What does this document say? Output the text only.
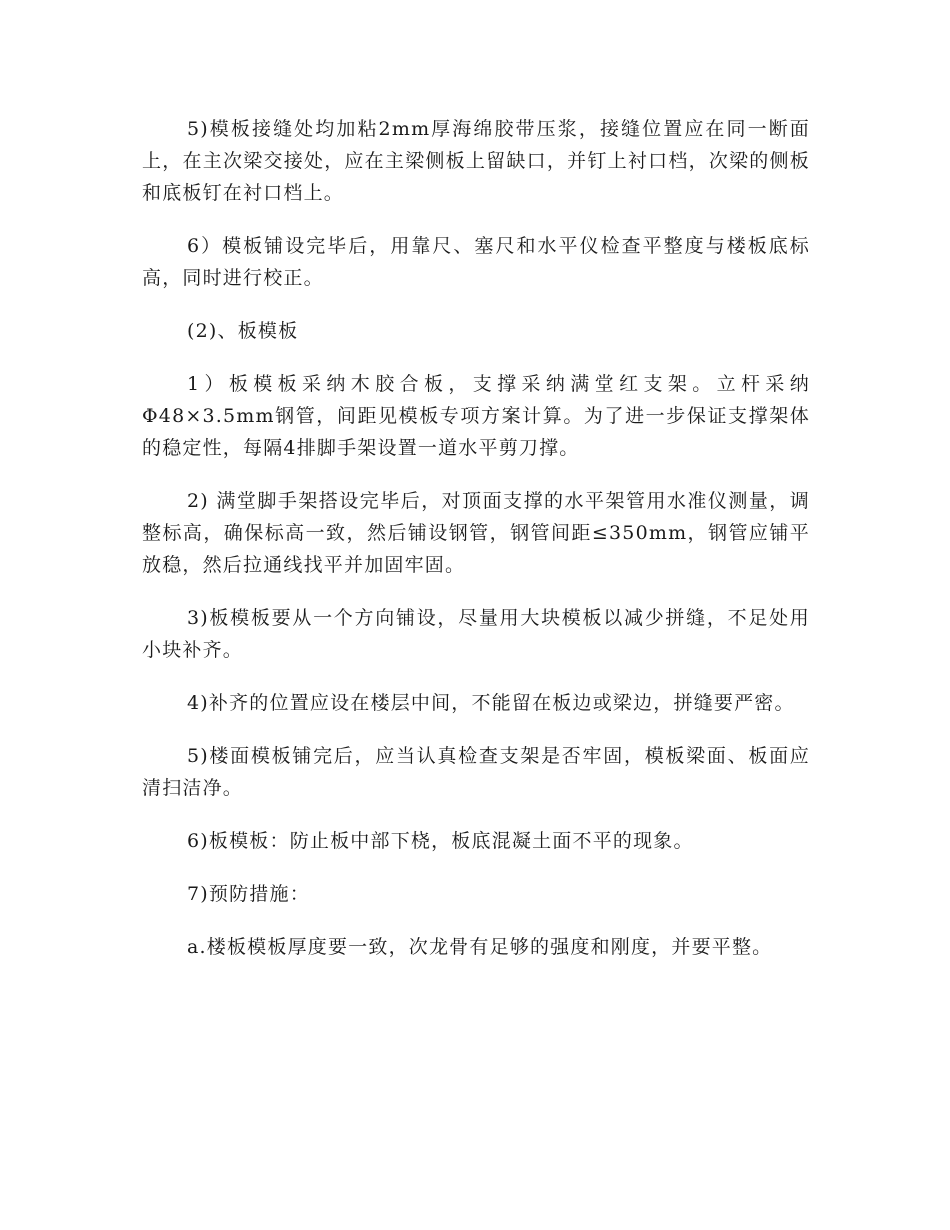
5)模板接缝处均加粘2mm厚海绵胶带压浆，接缝位置应在同一断面上，在主次梁交接处，应在主梁侧板上留缺口，并钉上衬口档，次梁的侧板和底板钉在衬口档上。

6）模板铺设完毕后，用靠尺、塞尺和水平仪检查平整度与楼板底标高，同时进行校正。

(2)、板模板

1）板模板采纳木胶合板，支撑采纳满堂红支架。立杆采纳Φ48×3.5mm钢管，间距见模板专项方案计算。为了进一步保证支撑架体的稳定性，每隔4排脚手架设置一道水平剪刀撑。

2) 满堂脚手架搭设完毕后，对顶面支撑的水平架管用水准仪测量，调整标高，确保标高一致，然后铺设钢管，钢管间距≤350mm，钢管应铺平放稳，然后拉通线找平并加固牢固。

3)板模板要从一个方向铺设，尽量用大块模板以减少拼缝，不足处用小块补齐。

4)补齐的位置应设在楼层中间，不能留在板边或梁边，拼缝要严密。

5)楼面模板铺完后，应当认真检查支架是否牢固，模板梁面、板面应清扫洁净。

6)板模板：防止板中部下桡，板底混凝土面不平的现象。

7)预防措施：

a.楼板模板厚度要一致，次龙骨有足够的强度和刚度，并要平整。
